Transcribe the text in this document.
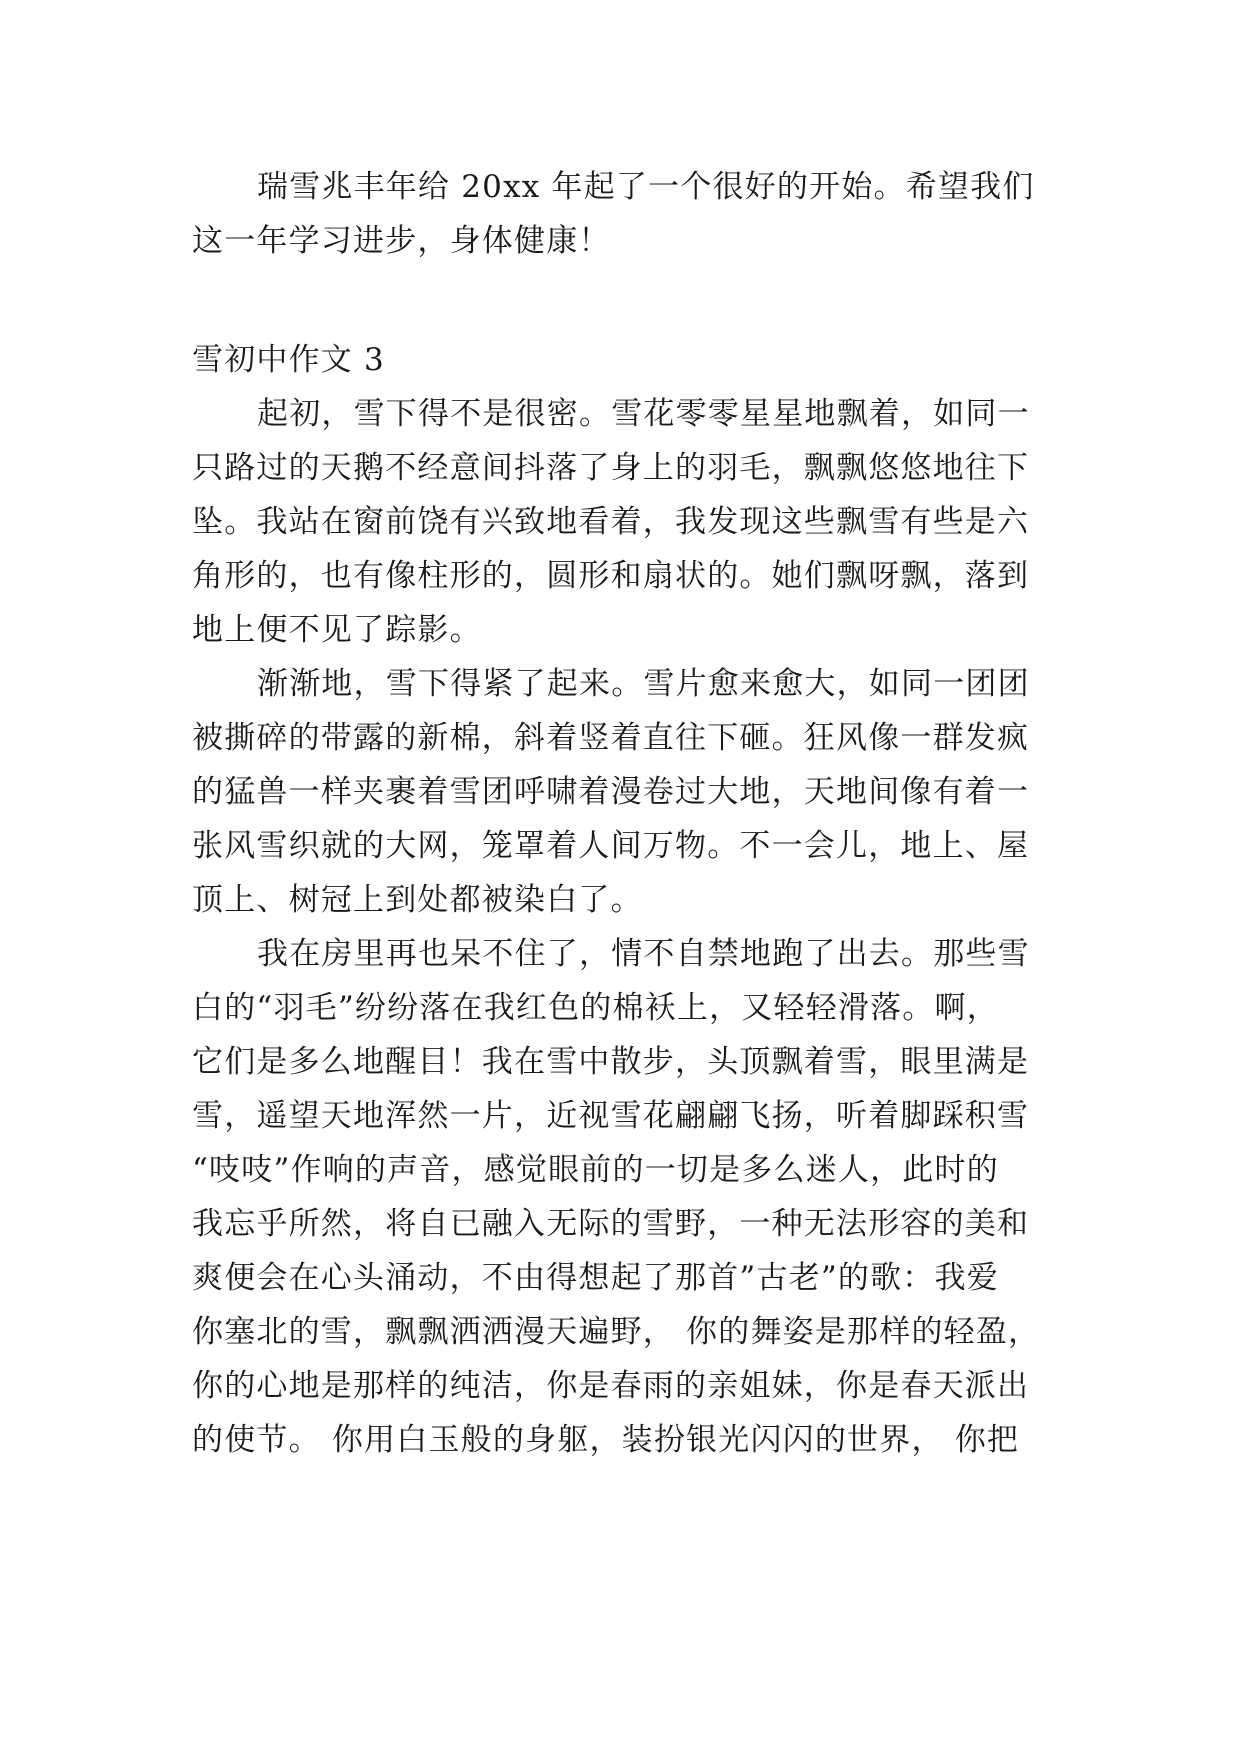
瑞雪兆丰年给 20xx 年起了一个很好的开始。希望我们
这一年学习进步，身体健康！
雪初中作文 3
起初，雪下得不是很密。雪花零零星星地飘着，如同一
只路过的天鹅不经意间抖落了身上的羽毛，飘飘悠悠地往下
坠。我站在窗前饶有兴致地看着，我发现这些飘雪有些是六
角形的，也有像柱形的，圆形和扇状的。她们飘呀飘，落到
地上便不见了踪影。
渐渐地，雪下得紧了起来。雪片愈来愈大，如同一团团
被撕碎的带露的新棉，斜着竖着直往下砸。狂风像一群发疯
的猛兽一样夹裹着雪团呼啸着漫卷过大地，天地间像有着一
张风雪织就的大网，笼罩着人间万物。不一会儿，地上、屋
顶上、树冠上到处都被染白了。
我在房里再也呆不住了，情不自禁地跑了出去。那些雪
白的“羽毛”纷纷落在我红色的棉袄上，又轻轻滑落。啊，
它们是多么地醒目！我在雪中散步，头顶飘着雪，眼里满是
雪，遥望天地浑然一片，近视雪花翩翩飞扬，听着脚踩积雪
“吱吱”作响的声音，感觉眼前的一切是多么迷人，此时的
我忘乎所然，将自已融入无际的雪野，一种无法形容的美和
爽便会在心头涌动，不由得想起了那首”古老”的歌：我爱
你塞北的雪，飘飘洒洒漫天遍野， 你的舞姿是那样的轻盈，
你的心地是那样的纯洁，你是春雨的亲姐妹，你是春天派出
的使节。 你用白玉般的身躯，装扮银光闪闪的世界， 你把
